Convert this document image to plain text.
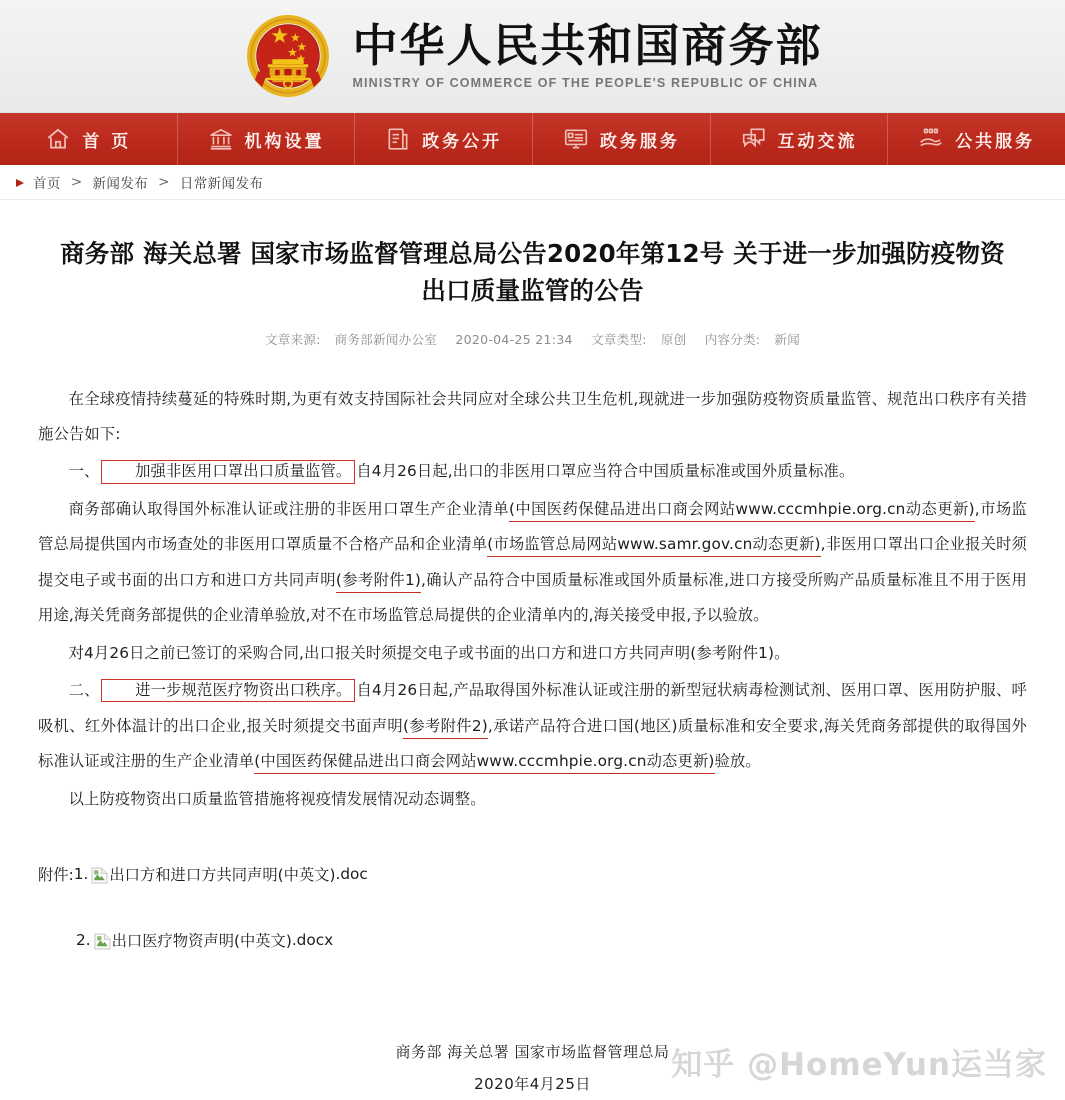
中华人民共和国商务部
MINISTRY OF COMMERCE OF THE PEOPLE'S REPUBLIC OF CHINA
首 页	机构设置	政务公开	政务服务	互动交流	公共服务
首页 > 新闻发布 > 日常新闻发布
商务部 海关总署 国家市场监督管理总局公告2020年第12号 关于进一步加强防疫物资出口质量监管的公告
文章来源: 商务部新闻办公室 2020-04-25 21:34 文章类型: 原创 内容分类: 新闻

在全球疫情持续蔓延的特殊时期,为更有效支持国际社会共同应对全球公共卫生危机,现就进一步加强防疫物资质量监管、规范出口秩序有关措施公告如下:

一、 加强非医用口罩出口质量监管。 自4月26日起,出口的非医用口罩应当符合中国质量标准或国外质量标准。

商务部确认取得国外标准认证或注册的非医用口罩生产企业清单(中国医药保健品进出口商会网站www.cccmhpie.org.cn动态更新),市场监管总局提供国内市场查处的非医用口罩质量不合格产品和企业清单(市场监管总局网站www.samr.gov.cn动态更新),非医用口罩出口企业报关时须提交电子或书面的出口方和进口方共同声明(参考附件1),确认产品符合中国质量标准或国外质量标准,进口方接受所购产品质量标准且不用于医用用途,海关凭商务部提供的企业清单验放,对不在市场监管总局提供的企业清单内的,海关接受申报,予以验放。

对4月26日之前已签订的采购合同,出口报关时须提交电子或书面的出口方和进口方共同声明(参考附件1)。

二、 进一步规范医疗物资出口秩序。 自4月26日起,产品取得国外标准认证或注册的新型冠状病毒检测试剂、医用口罩、医用防护服、呼吸机、红外体温计的出口企业,报关时须提交书面声明(参考附件2),承诺产品符合进口国(地区)质量标准和安全要求,海关凭商务部提供的取得国外标准认证或注册的生产企业清单(中国医药保健品进出口商会网站www.cccmhpie.org.cn动态更新)验放。

以上防疫物资出口质量监管措施将视疫情发展情况动态调整。

附件: 1. 出口方和进口方共同声明(中英文) .doc
2. 出口医疗物资声明(中英文) .docx
商务部 海关总署 国家市场监督管理总局
2020年4月25日
知乎 @HomeYun运当家
